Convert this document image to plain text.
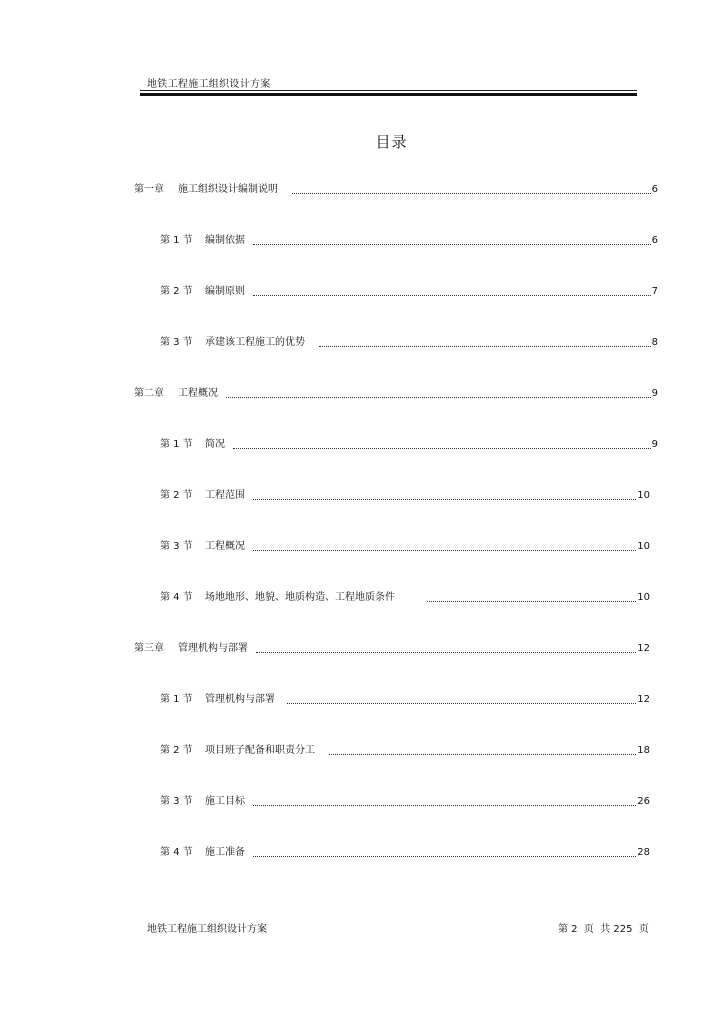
地铁工程施工组织设计方案
目录
第一章	施工组织设计编制说明	6
第 1 节	编制依据	6
第 2 节	编制原则	7
第 3 节	承建该工程施工的优势	8
第二章	工程概况	9
第 1 节	简况	9
第 2 节	工程范围	10
第 3 节	工程概况	10
第 4 节	场地地形、地貌、地质构造、工程地质条件	10
第三章	管理机构与部署	12
第 1 节	管理机构与部署	12
第 2 节	项目班子配备和职责分工	18
第 3 节	施工目标	26
第 4 节	施工准备	28
地铁工程施工组织设计方案	第 2  页  共 225  页
